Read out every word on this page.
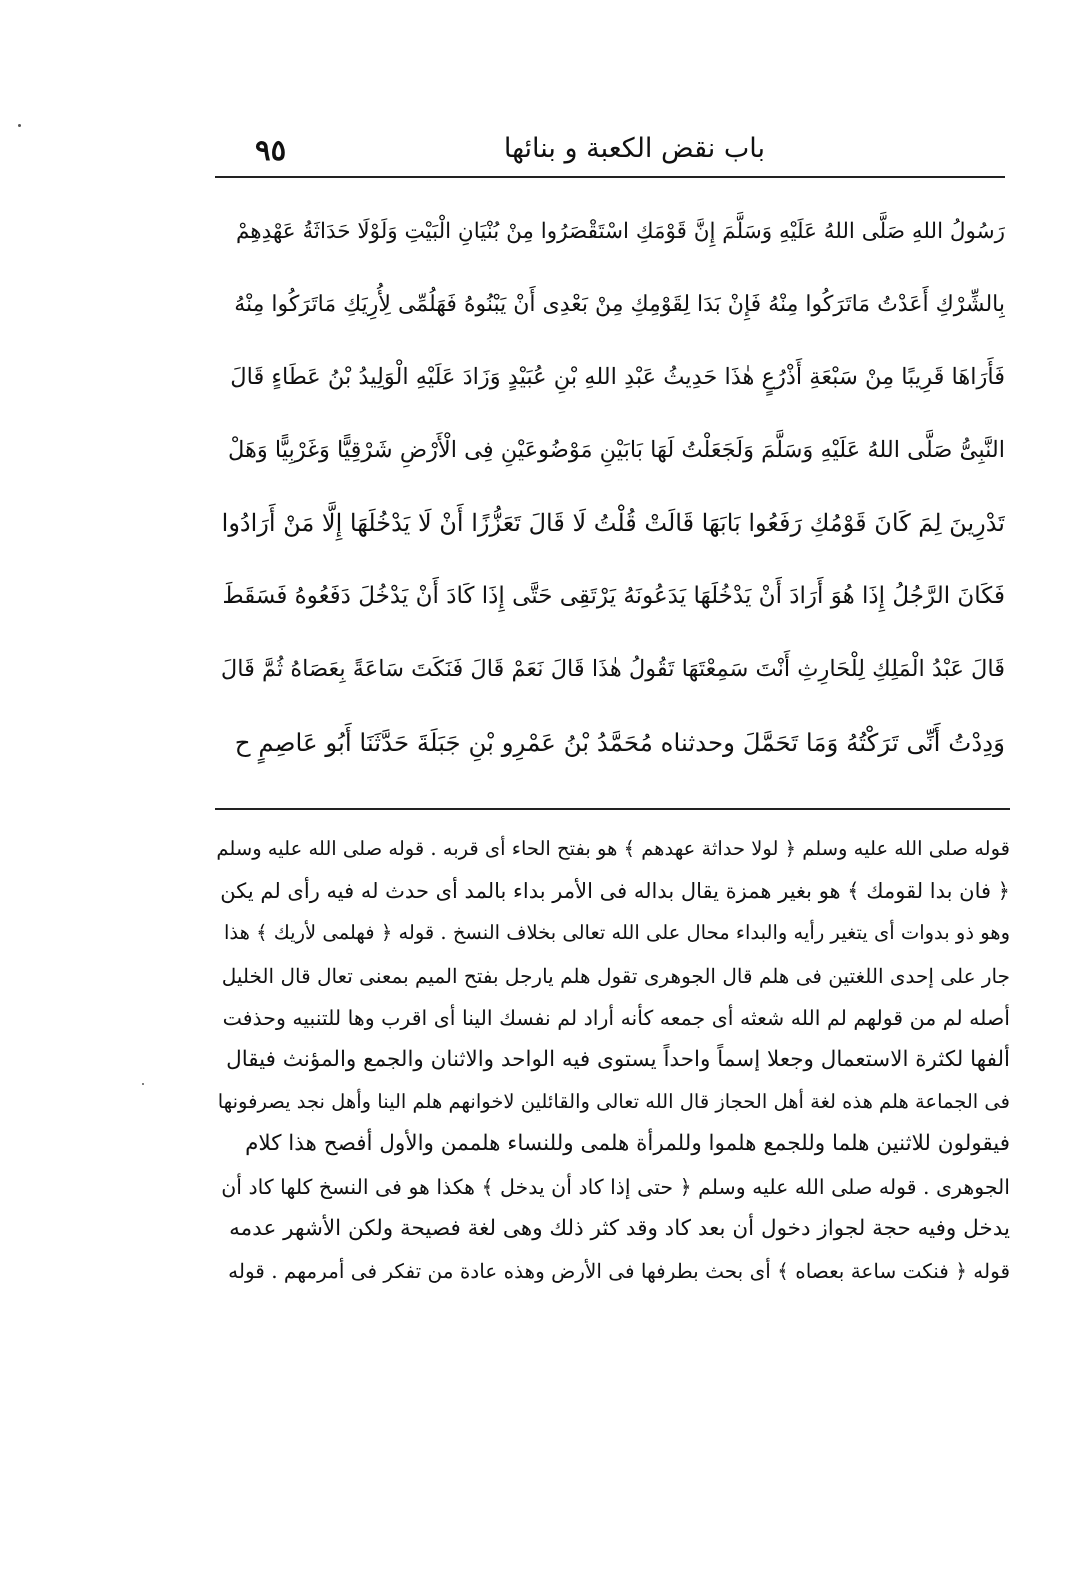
باب نقض الكعبة و بنائها
٩٥
رَسُولُ اللهِ صَلَّى اللهُ عَلَيْهِ وَسَلَّمَ إِنَّ قَوْمَكِ اسْتَقْصَرُوا مِنْ بُنْيَانِ الْبَيْتِ وَلَوْلَا حَدَاثَةُ عَهْدِهِمْ
بِالشِّرْكِ أَعَدْتُ مَاتَرَكُوا مِنْهُ فَإِنْ بَدَا لِقَوْمِكِ مِنْ بَعْدِى أَنْ يَبْنُوهُ فَهَلُمِّى لِأُرِيَكِ مَاتَرَكُوا مِنْهُ
فَأَرَاهَا قَرِيبًا مِنْ سَبْعَةِ أَذْرُعٍ هٰذَا حَدِيثُ عَبْدِ اللهِ بْنِ عُبَيْدٍ وَزَادَ عَلَيْهِ الْوَلِيدُ بْنُ عَطَاءٍ قَالَ
النَّبِىُّ صَلَّى اللهُ عَلَيْهِ وَسَلَّمَ وَلَجَعَلْتُ لَهَا بَابَيْنِ مَوْضُوعَيْنِ فِى الْأَرْضِ شَرْقِيًّا وَغَرْبِيًّا وَهَلْ
تَدْرِينَ لِمَ كَانَ قَوْمُكِ رَفَعُوا بَابَهَا قَالَتْ قُلْتُ لَا قَالَ تَعَزُّزًا أَنْ لَا يَدْخُلَهَا إِلَّا مَنْ أَرَادُوا
فَكَانَ الرَّجُلُ إِذَا هُوَ أَرَادَ أَنْ يَدْخُلَهَا يَدَعُونَهُ يَرْتَقِى حَتَّى إِذَا كَادَ أَنْ يَدْخُلَ دَفَعُوهُ فَسَقَطَ
قَالَ عَبْدُ الْمَلِكِ لِلْحَارِثِ أَنْتَ سَمِعْتَهَا تَقُولُ هٰذَا قَالَ نَعَمْ قَالَ فَنَكَتَ سَاعَةً بِعَصَاهُ ثُمَّ قَالَ
وَدِدْتُ أَنِّى تَرَكْتُهُ وَمَا تَحَمَّلَ وحدثناه مُحَمَّدُ بْنُ عَمْرِو بْنِ جَبَلَةَ حَدَّثَنَا أَبُو عَاصِمٍ ح
قوله صلى الله عليه وسلم ﴿ لولا حداثة عهدهم ﴾ هو بفتح الحاء أى قربه . قوله صلى الله عليه وسلم
﴿ فان بدا لقومك ﴾ هو بغير همزة يقال بداله فى الأمر بداء بالمد أى حدث له فيه رأى لم يكن
وهو ذو بدوات أى يتغير رأيه والبداء محال على الله تعالى بخلاف النسخ . قوله ﴿ فهلمى لأريك ﴾ هذا
جار على إحدى اللغتين فى هلم قال الجوهرى تقول هلم يارجل بفتح الميم بمعنى تعال قال الخليل
أصله لم من قولهم لم الله شعثه أى جمعه كأنه أراد لم نفسك الينا أى اقرب وها للتنبيه وحذفت
ألفها لكثرة الاستعمال وجعلا إسماً واحداً يستوى فيه الواحد والاثنان والجمع والمؤنث فيقال
فى الجماعة هلم هذه لغة أهل الحجاز قال الله تعالى والقائلين لاخوانهم هلم الينا وأهل نجد يصرفونها
فيقولون للاثنين هلما وللجمع هلموا وللمرأة هلمى وللنساء هلممن والأول أفصح هذا كلام
الجوهرى . قوله صلى الله عليه وسلم ﴿ حتى إذا كاد أن يدخل ﴾ هكذا هو فى النسخ كلها كاد أن
يدخل وفيه حجة لجواز دخول أن بعد كاد وقد كثر ذلك وهى لغة فصيحة ولكن الأشهر عدمه
قوله ﴿ فنكت ساعة بعصاه ﴾ أى بحث بطرفها فى الأرض وهذه عادة من تفكر فى أمرمهم . قوله
